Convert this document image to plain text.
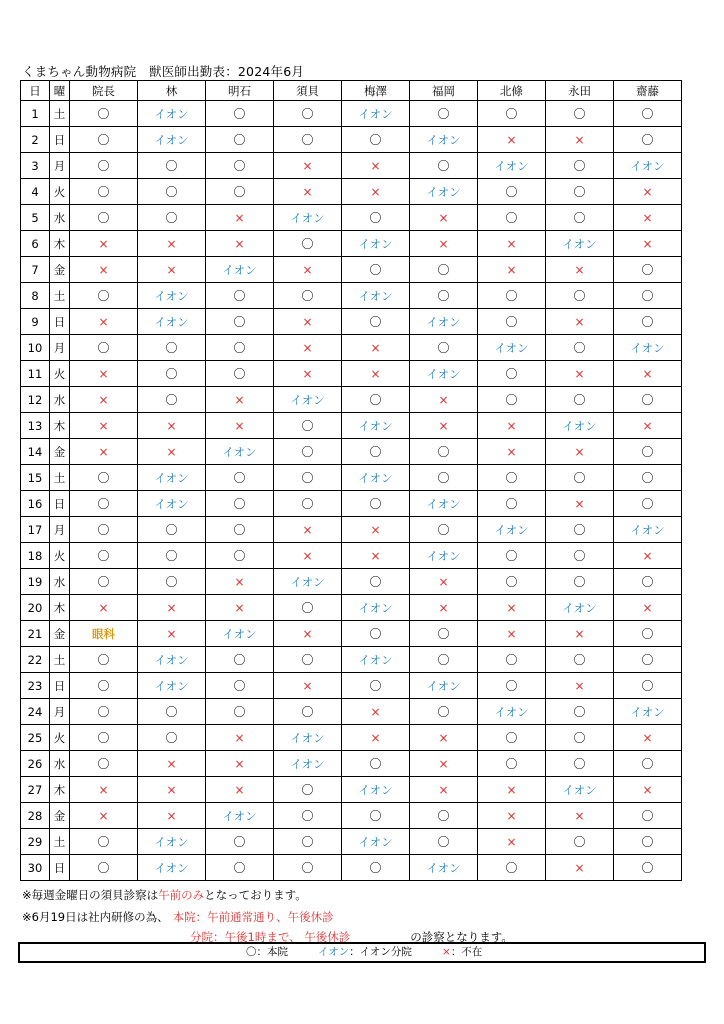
くまちゃん動物病院　獣医師出勤表：2024年6月
日	曜	院長	林	明石	須貝	梅澤	福岡	北條	永田	齋藤
1	土	〇	イオン	〇	〇	イオン	〇	〇	〇	〇
2	日	〇	イオン	〇	〇	〇	イオン	×	×	〇
3	月	〇	〇	〇	×	×	〇	イオン	〇	イオン
4	火	〇	〇	〇	×	×	イオン	〇	〇	×
5	水	〇	〇	×	イオン	〇	×	〇	〇	×
6	木	×	×	×	〇	イオン	×	×	イオン	×
7	金	×	×	イオン	×	〇	〇	×	×	〇
8	土	〇	イオン	〇	〇	イオン	〇	〇	〇	〇
9	日	×	イオン	〇	×	〇	イオン	〇	×	〇
10	月	〇	〇	〇	×	×	〇	イオン	〇	イオン
11	火	×	〇	〇	×	×	イオン	〇	×	×
12	水	×	〇	×	イオン	〇	×	〇	〇	〇
13	木	×	×	×	〇	イオン	×	×	イオン	×
14	金	×	×	イオン	〇	〇	〇	×	×	〇
15	土	〇	イオン	〇	〇	イオン	〇	〇	〇	〇
16	日	〇	イオン	〇	〇	〇	イオン	〇	×	〇
17	月	〇	〇	〇	×	×	〇	イオン	〇	イオン
18	火	〇	〇	〇	×	×	イオン	〇	〇	×
19	水	〇	〇	×	イオン	〇	×	〇	〇	〇
20	木	×	×	×	〇	イオン	×	×	イオン	×
21	金	眼科	×	イオン	×	〇	〇	×	×	〇
22	土	〇	イオン	〇	〇	イオン	〇	〇	〇	〇
23	日	〇	イオン	〇	×	〇	イオン	〇	×	〇
24	月	〇	〇	〇	〇	×	〇	イオン	〇	イオン
25	火	〇	〇	×	イオン	×	×	〇	〇	×
26	水	〇	×	×	イオン	〇	×	〇	〇	〇
27	木	×	×	×	〇	イオン	×	×	イオン	×
28	金	×	×	イオン	〇	〇	〇	×	×	〇
29	土	〇	イオン	〇	〇	イオン	〇	×	〇	〇
30	日	〇	イオン	〇	〇	〇	イオン	〇	×	〇
※毎週金曜日の須貝診察は午前のみとなっております。
※6月19日は社内研修の為、 本院：午前通常通り、午後休診
分院：午後1時まで、 午後休診	の診察となります。
〇：本院	イオン：イオン分院	×：不在
